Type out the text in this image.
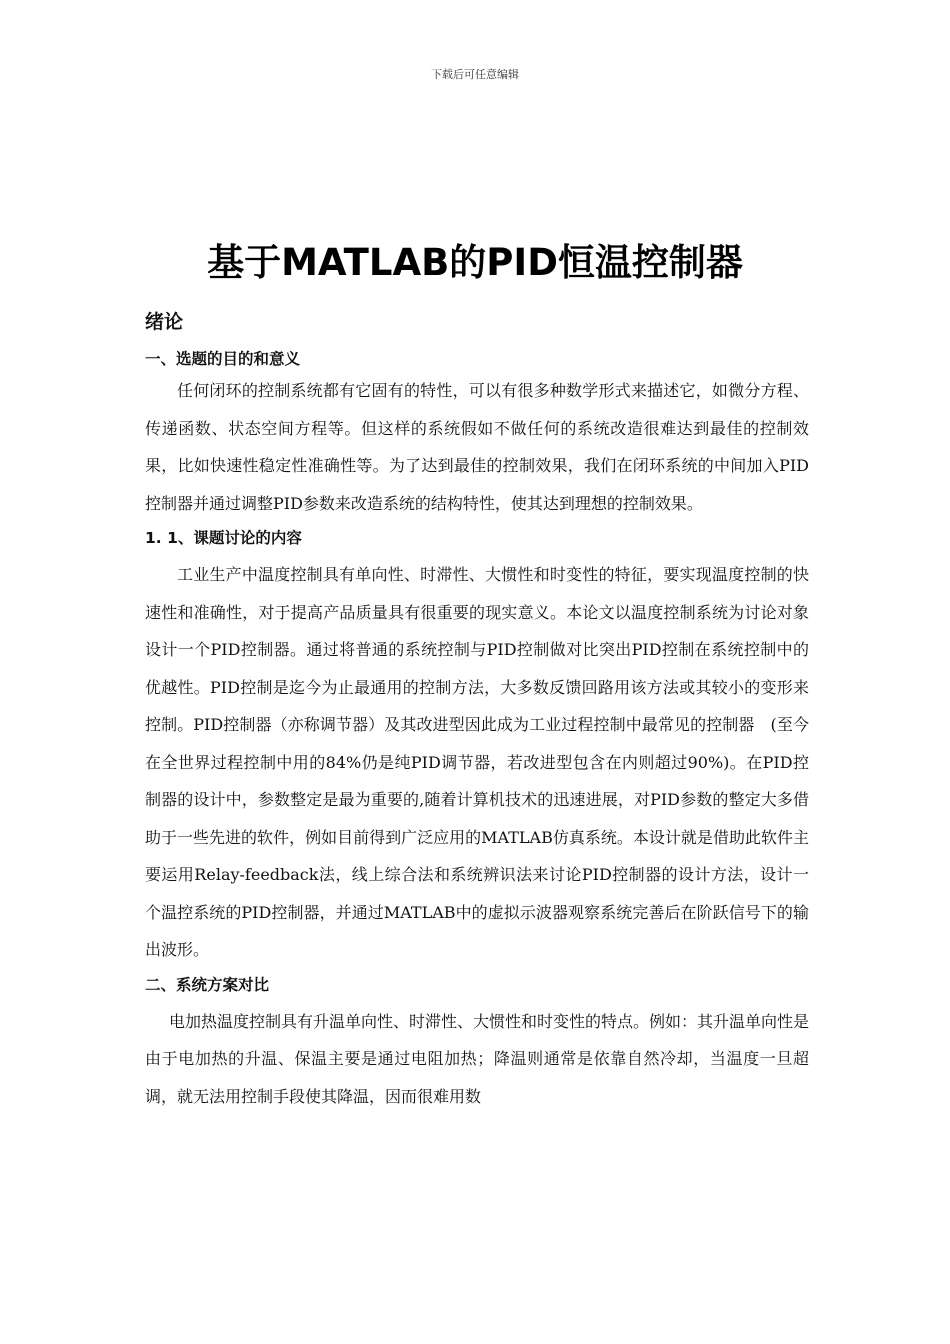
下载后可任意编辑
基于MATLAB的PID恒温控制器
绪论
一、选题的目的和意义

任何闭环的控制系统都有它固有的特性，可以有很多种数学形式来描述它，如微分方程、传递函数、状态空间方程等。但这样的系统假如不做任何的系统改造很难达到最佳的控制效果，比如快速性稳定性准确性等。为了达到最佳的控制效果，我们在闭环系统的中间加入PID控制器并通过调整PID参数来改造系统的结构特性，使其达到理想的控制效果。

1. 1、课题讨论的内容

工业生产中温度控制具有单向性、时滞性、大惯性和时变性的特征，要实现温度控制的快速性和准确性，对于提高产品质量具有很重要的现实意义。本论文以温度控制系统为讨论对象设计一个PID控制器。通过将普通的系统控制与PID控制做对比突出PID控制在系统控制中的优越性。PID控制是迄今为止最通用的控制方法，大多数反馈回路用该方法或其较小的变形来控制。PID控制器（亦称调节器）及其改进型因此成为工业过程控制中最常见的控制器　(至今在全世界过程控制中用的84%仍是纯PID调节器，若改进型包含在内则超过90%)。在PID控制器的设计中，参数整定是最为重要的,随着计算机技术的迅速进展，对PID参数的整定大多借助于一些先进的软件，例如目前得到广泛应用的MATLAB仿真系统。本设计就是借助此软件主要运用Relay-feedback法，线上综合法和系统辨识法来讨论PID控制器的设计方法，设计一个温控系统的PID控制器，并通过MATLAB中的虚拟示波器观察系统完善后在阶跃信号下的输出波形。

二、系统方案对比

电加热温度控制具有升温单向性、时滞性、大惯性和时变性的特点。例如：其升温单向性是由于电加热的升温、保温主要是通过电阻加热；降温则通常是依靠自然冷却，当温度一旦超调，就无法用控制手段使其降温，因而很难用数
